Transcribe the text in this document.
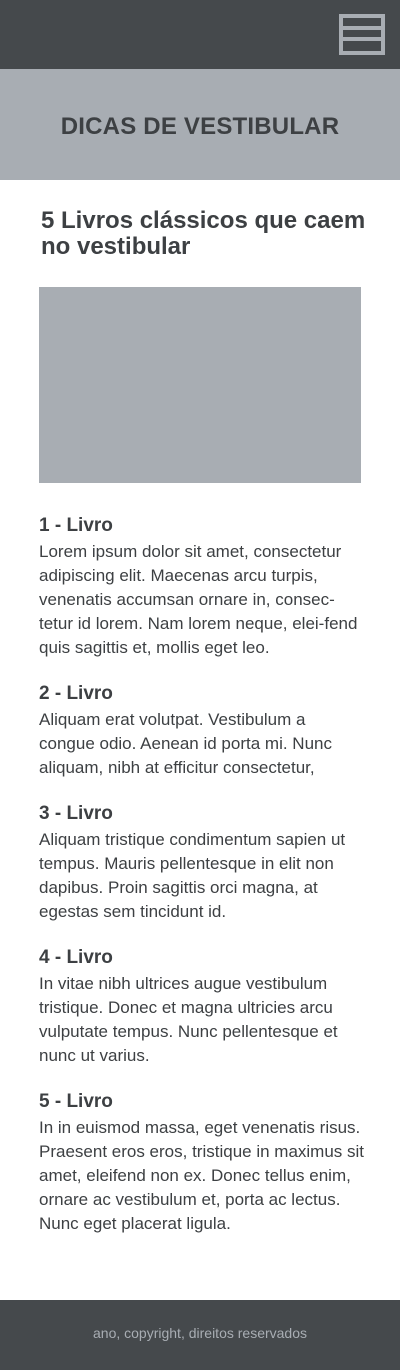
DICAS DE VESTIBULAR
5 Livros clássicos que caem no vestibular
1 - Livro

Lorem ipsum dolor sit amet, consectetur adipiscing elit. Maecenas arcu turpis, venenatis accumsan ornare in, consec-tetur id lorem. Nam lorem neque, elei-fend quis sagittis et, mollis eget leo.

2 - Livro

Aliquam erat volutpat. Vestibulum a congue odio. Aenean id porta mi. Nunc aliquam, nibh at efficitur consectetur,

3 - Livro

Aliquam tristique condimentum sapien ut tempus. Mauris pellentesque in elit non dapibus. Proin sagittis orci magna, at egestas sem tincidunt id.

4 - Livro

In vitae nibh ultrices augue vestibulum tristique. Donec et magna ultricies arcu vulputate tempus. Nunc pellentesque et nunc ut varius.

5 - Livro

In in euismod massa, eget venenatis risus. Praesent eros eros, tristique in maximus sit amet, eleifend non ex. Donec tellus enim, ornare ac vestibulum et, porta ac lectus. Nunc eget placerat ligula.

ano, copyright, direitos reservados
